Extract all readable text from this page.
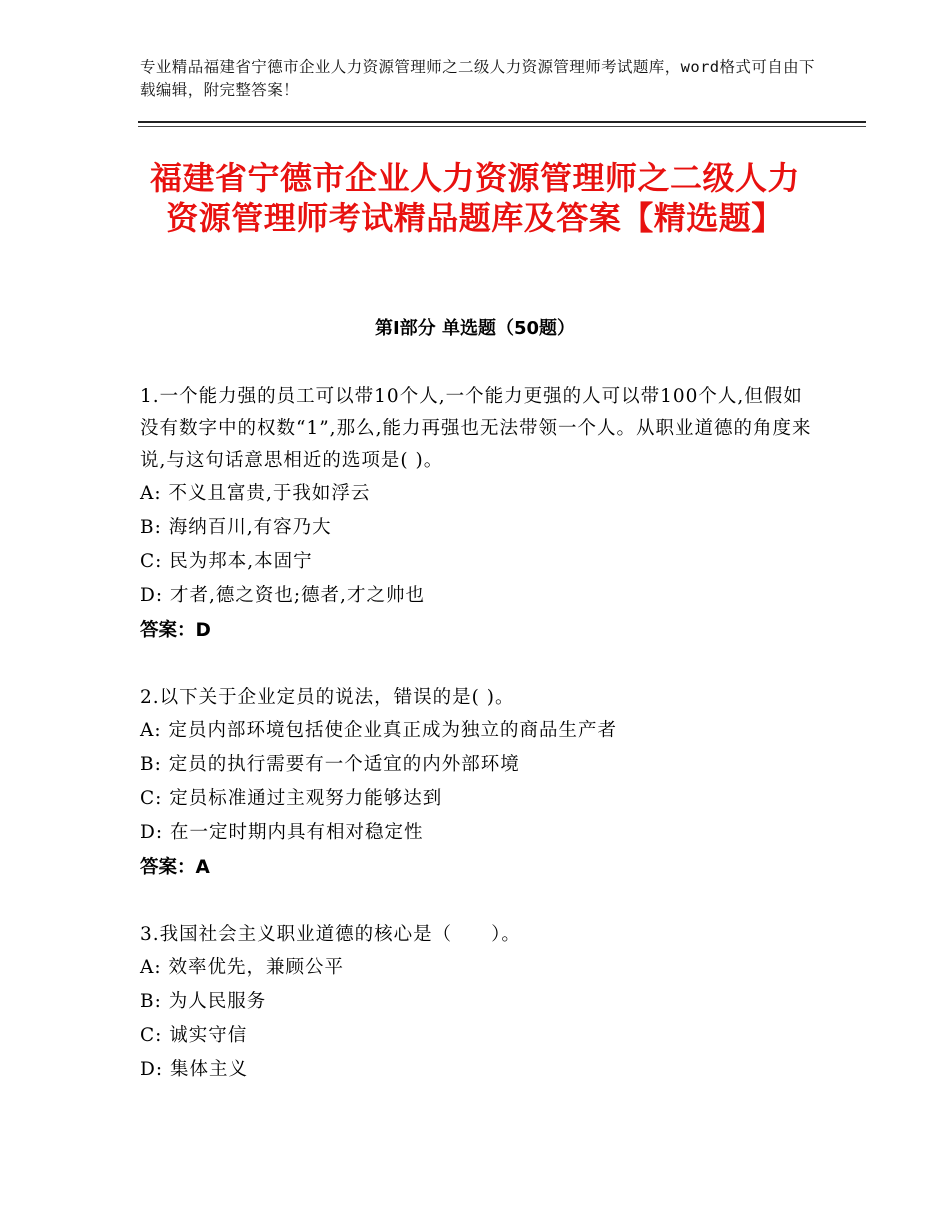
专业精品福建省宁德市企业人力资源管理师之二级人力资源管理师考试题库，word格式可自由下载编辑，附完整答案！
福建省宁德市企业人力资源管理师之二级人力资源管理师考试精品题库及答案【精选题】
第Ⅰ部分 单选题（50题）

1.一个能力强的员工可以带10个人,一个能力更强的人可以带100个人,但假如没有数字中的权数“1”,那么,能力再强也无法带领一个人。从职业道德的角度来说,与这句话意思相近的选项是( )。

A: 不义且富贵,于我如浮云

B: 海纳百川,有容乃大

C: 民为邦本,本固宁

D: 才者,德之资也;德者,才之帅也

答案：D

2.以下关于企业定员的说法，错误的是( )。

A: 定员内部环境包括使企业真正成为独立的商品生产者

B: 定员的执行需要有一个适宜的内外部环境

C: 定员标准通过主观努力能够达到

D: 在一定时期内具有相对稳定性

答案：A

3.我国社会主义职业道德的核心是（　　）。

A: 效率优先，兼顾公平

B: 为人民服务

C: 诚实守信

D: 集体主义
